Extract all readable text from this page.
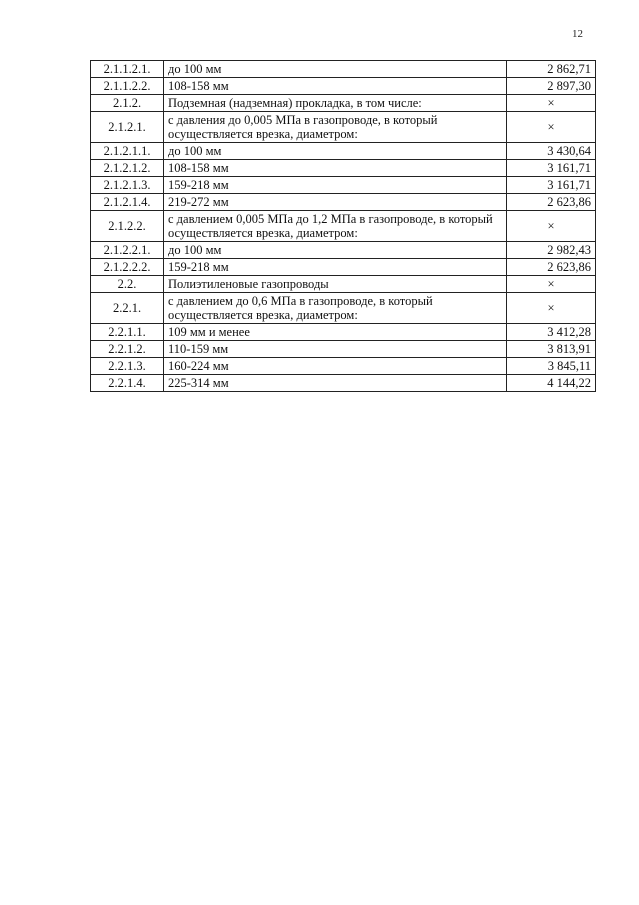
12
2.1.1.2.1.	до 100 мм	2 862,71
2.1.1.2.2.	108-158 мм	2 897,30
2.1.2.	Подземная (надземная) прокладка, в том числе:	×
2.1.2.1.	с давления до 0,005 МПа в газопроводе, в который осуществляется врезка, диаметром:	×
2.1.2.1.1.	до 100 мм	3 430,64
2.1.2.1.2.	108-158 мм	3 161,71
2.1.2.1.3.	159-218 мм	3 161,71
2.1.2.1.4.	219-272 мм	2 623,86
2.1.2.2.	с давлением 0,005 МПа до 1,2 МПа в газопроводе, в который осуществляется врезка, диаметром:	×
2.1.2.2.1.	до 100 мм	2 982,43
2.1.2.2.2.	159-218 мм	2 623,86
2.2.	Полиэтиленовые газопроводы	×
2.2.1.	с давлением до 0,6 МПа в газопроводе, в который осуществляется врезка, диаметром:	×
2.2.1.1.	109 мм и менее	3 412,28
2.2.1.2.	110-159 мм	3 813,91
2.2.1.3.	160-224 мм	3 845,11
2.2.1.4.	225-314 мм	4 144,22
